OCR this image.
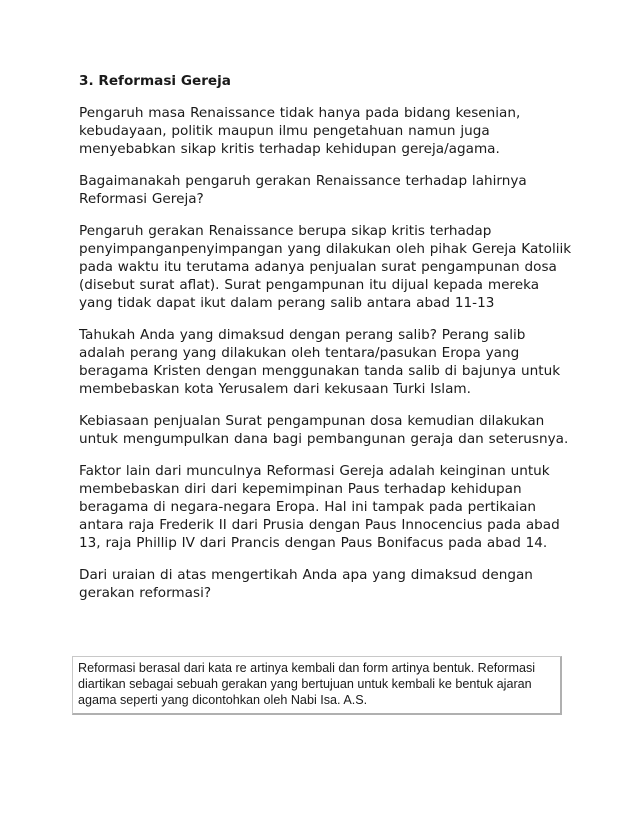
3. Reformasi Gereja

Pengaruh masa Renaissance tidak hanya pada bidang kesenian, kebudayaan, politik maupun ilmu pengetahuan namun juga menyebabkan sikap kritis terhadap kehidupan gereja/agama.

Bagaimanakah pengaruh gerakan Renaissance terhadap lahirnya Reformasi Gereja?

Pengaruh gerakan Renaissance berupa sikap kritis terhadap penyimpanganpenyimpangan yang dilakukan oleh pihak Gereja Katoliik pada waktu itu terutama adanya penjualan surat pengampunan dosa (disebut surat aflat). Surat pengampunan itu dijual kepada mereka yang tidak dapat ikut dalam perang salib antara abad 11-13

Tahukah Anda yang dimaksud dengan perang salib? Perang salib adalah perang yang dilakukan oleh tentara/pasukan Eropa yang beragama Kristen dengan menggunakan tanda salib di bajunya untuk membebaskan kota Yerusalem dari kekusaan Turki Islam.

Kebiasaan penjualan Surat pengampunan dosa kemudian dilakukan untuk mengumpulkan dana bagi pembangunan geraja dan seterusnya.

Faktor lain dari munculnya Reformasi Gereja adalah keinginan untuk membebaskan diri dari kepemimpinan Paus terhadap kehidupan beragama di negara-negara Eropa. Hal ini tampak pada pertikaian antara raja Frederik II dari Prusia dengan Paus Innocencius pada abad 13, raja Phillip IV dari Prancis dengan Paus Bonifacus pada abad 14.

Dari uraian di atas mengertikah Anda apa yang dimaksud dengan gerakan reformasi?

Reformasi berasal dari kata re artinya kembali dan form artinya bentuk. Reformasi diartikan sebagai sebuah gerakan yang bertujuan untuk kembali ke bentuk ajaran agama seperti yang dicontohkan oleh Nabi Isa. A.S.
